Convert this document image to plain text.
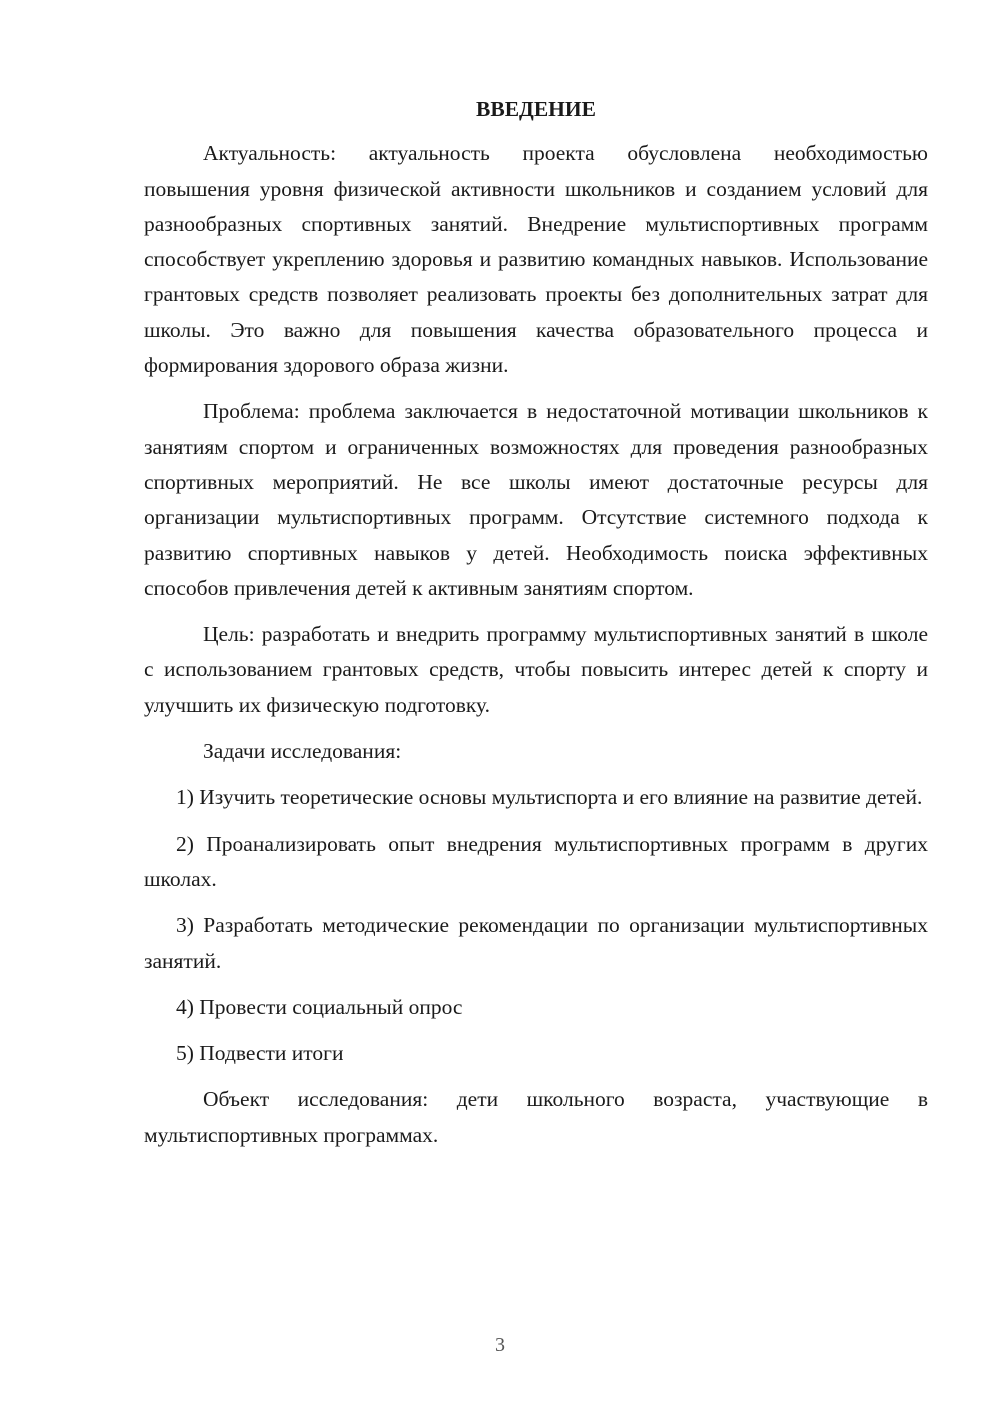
ВВЕДЕНИЕ

Актуальность: актуальность проекта обусловлена необходимостью повышения уровня физической активности школьников и созданием условий для разнообразных спортивных занятий. Внедрение мультиспортивных программ способствует укреплению здоровья и развитию командных навыков. Использование грантовых средств позволяет реализовать проекты без дополнительных затрат для школы. Это важно для повышения качества образовательного процесса и формирования здорового образа жизни.

Проблема: проблема заключается в недостаточной мотивации школьников к занятиям спортом и ограниченных возможностях для проведения разнообразных спортивных мероприятий. Не все школы имеют достаточные ресурсы для организации мультиспортивных программ. Отсутствие системного подхода к развитию спортивных навыков у детей. Необходимость поиска эффективных способов привлечения детей к активным занятиям спортом.

Цель: разработать и внедрить программу мультиспортивных занятий в школе с использованием грантовых средств, чтобы повысить интерес детей к спорту и улучшить их физическую подготовку.

Задачи исследования:

1) Изучить теоретические основы мультиспорта и его влияние на развитие детей.

2) Проанализировать опыт внедрения мультиспортивных программ в других школах.

3) Разработать методические рекомендации по организации мультиспортивных занятий.

4) Провести социальный опрос

5) Подвести итоги

Объект исследования: дети школьного возраста, участвующие в мультиспортивных программах.

3
